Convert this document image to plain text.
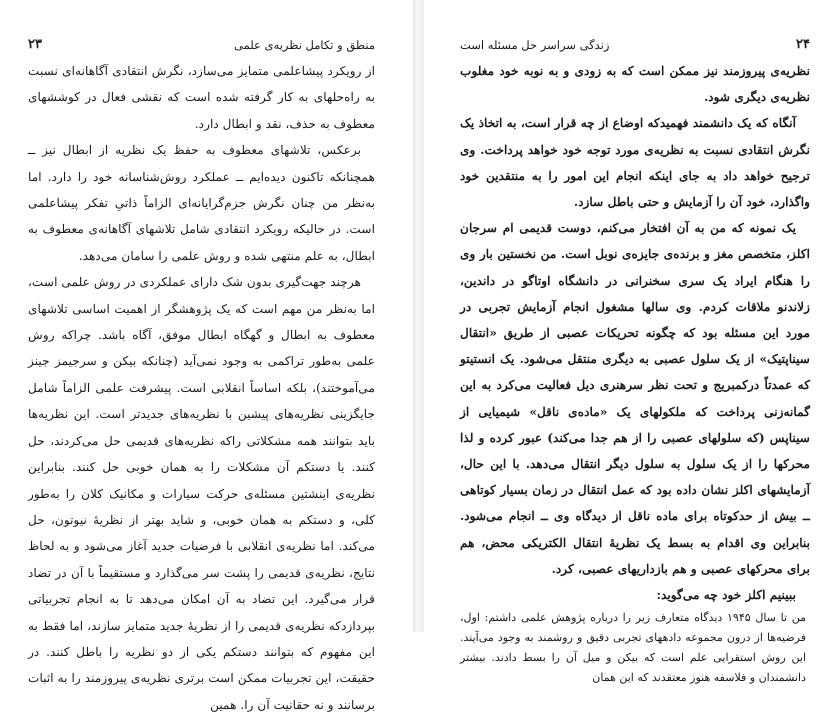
۲۳	منطق و تکامل نظریه‌ی علمی

از رویکرد پیشاعلمی متمایز می‌سازد، نگرش انتقادی آگاهانه‌ای نسبت به راه‌حلهای به کار گرفته شده است که نقشی فعال در کوششهای معطوف به حذف، نقد و ابطال دارد.

برعکس، تلاشهای معطوف به حفظ یک نظریه از ابطال نیز ــ همچنانکه تاکنون دیده‌ایم ــ عملکرد روش‌شناسانه خود را دارد. اما به‌نظر من چنان نگرش جزم‌گرایانه‌ای الزاماً ذاتیِ تفکر پیشاعلمی است. در حالیکه رویکرد انتقادی شامل تلاشهای آگاهانه‌ی معطوف به ابطال، به علم منتهی شده و روش علمی را سامان می‌دهد.

هرچند جهت‌گیری بدون شک دارای عملکردی در روش علمی است، اما به‌نظر من مهم است که یک پژوهشگر از اهمیت اساسی تلاشهای معطوف به ابطال و گهگاه ابطال موفق، آگاه باشد. چراکه روش علمی به‌طور تراکمی به وجود نمی‌آید (چنانکه بیکن و سرجیمز جینز می‌آموختند)، بلکه اساساً انقلابی است. پیشرفت علمی الزاماً شامل جایگزینی نظریه‌های پیشین با نظریه‌های جدیدتر است. این نظریه‌ها باید بتوانند همه مشکلاتی راکه نظریه‌های قدیمی حل می‌کردند، حل کنند. یا دستکم آن مشکلات را به همان خوبی حل کنند. بنابراین نظریه‌ی اینشتین مسئله‌ی حرکت سیارات و مکانیک کلان را به‌طور کلی، و دستکم به همان خوبی، و شاید بهتر از نظریهٔ نیوتون، حل می‌کند. اما نظریه‌ی انقلابی با فرضیات جدید آغاز می‌شود و به لحاظ نتایج، نظریه‌ی قدیمی را پشت سر می‌گذارد و مستقیماً با آن در تضاد قرار می‌گیرد. این تضاد به آن امکان می‌دهد تا به انجام تجربیاتی بپردازدکه نظریه‌ی قدیمی را از نظریهٔ جدید متمایز سازند، اما فقط به این مفهوم که بتوانند دستکم یکی از دو نظریه را باطل کنند. در حقیقت، این تجربیات ممکن است برتری نظریه‌ی پیروزمند را به اثبات برسانند و نه حقانیت آن را. همین

۲۴
زندگی سراسر حل مسئله است

نظریه‌ی پیروزمند نیز ممکن است که به زودی و به نوبه خود مغلوب نظریه‌ی دیگری شود.

آنگاه که یک دانشمند فهمیدکه اوضاع از چه قرار است، به اتخاذ یک نگرش انتقادی نسبت به نظریه‌ی مورد توجه خود خواهد پرداخت. وی ترجیح خواهد داد به جای اینکه انجام این امور را به منتقدین خود واگذارد، خود آن را آزمایش و حتی باطل سازد.

یک نمونه که من به آن افتخار می‌کنم، دوست قدیمی ام سرجان اکلز، متخصص مغز و برنده‌ی جایزه‌ی نوبل است. من نخستین بار وی را هنگام ایراد یک سری سخنرانی در دانشگاه اوتاگو در داندین، زلاندنو ملاقات کردم. وی سالها مشغول انجام آزمایش تجربی در مورد این مسئله بود که چگونه تحریکات عصبی از طریق «انتقال سیناپتیک» از یک سلول عصبی به دیگری منتقل می‌شود. یک انستیتو که عمدتاً درکمبریج و تحت نظر سرهنری دیل فعالیت می‌کرد به این گمانه‌زنی پرداخت که ملکولهای یک «ماده‌ی ناقل» شیمیایی از سیناپس (که سلولهای عصبی را از هم جدا می‌کند) عبور کرده و لذا محرکها را از یک سلول به سلول دیگر انتقال می‌دهد. با این حال، آزمایشهای اکلز نشان داده بود که عمل انتقال در زمان بسیار کوتاهی ــ بیش از حدکوتاه برای ماده ناقل از دیدگاه وی ــ انجام می‌شود. بنابراین وی اقدام به بسط یک نظریهٔ انتقال الکتریکی محض، هم برای محرکهای عصبی و هم بازداریهای عصبی، کرد.

ببینیم اکلز خود چه می‌گوید:

من تا سال ۱۹۴۵ دیدگاه متعارف زیر را درباره پژوهش علمی داشتم: اول، فرضیه‌ها از درون مجموعه دادههای تجربی دقیق و روشمند به وجود می‌آیند. این روش استقرایی علم است که بیکن و میل آن را بسط دادند. بیشتر دانشمندان و فلاسفه هنوز معتقدند که این همان
